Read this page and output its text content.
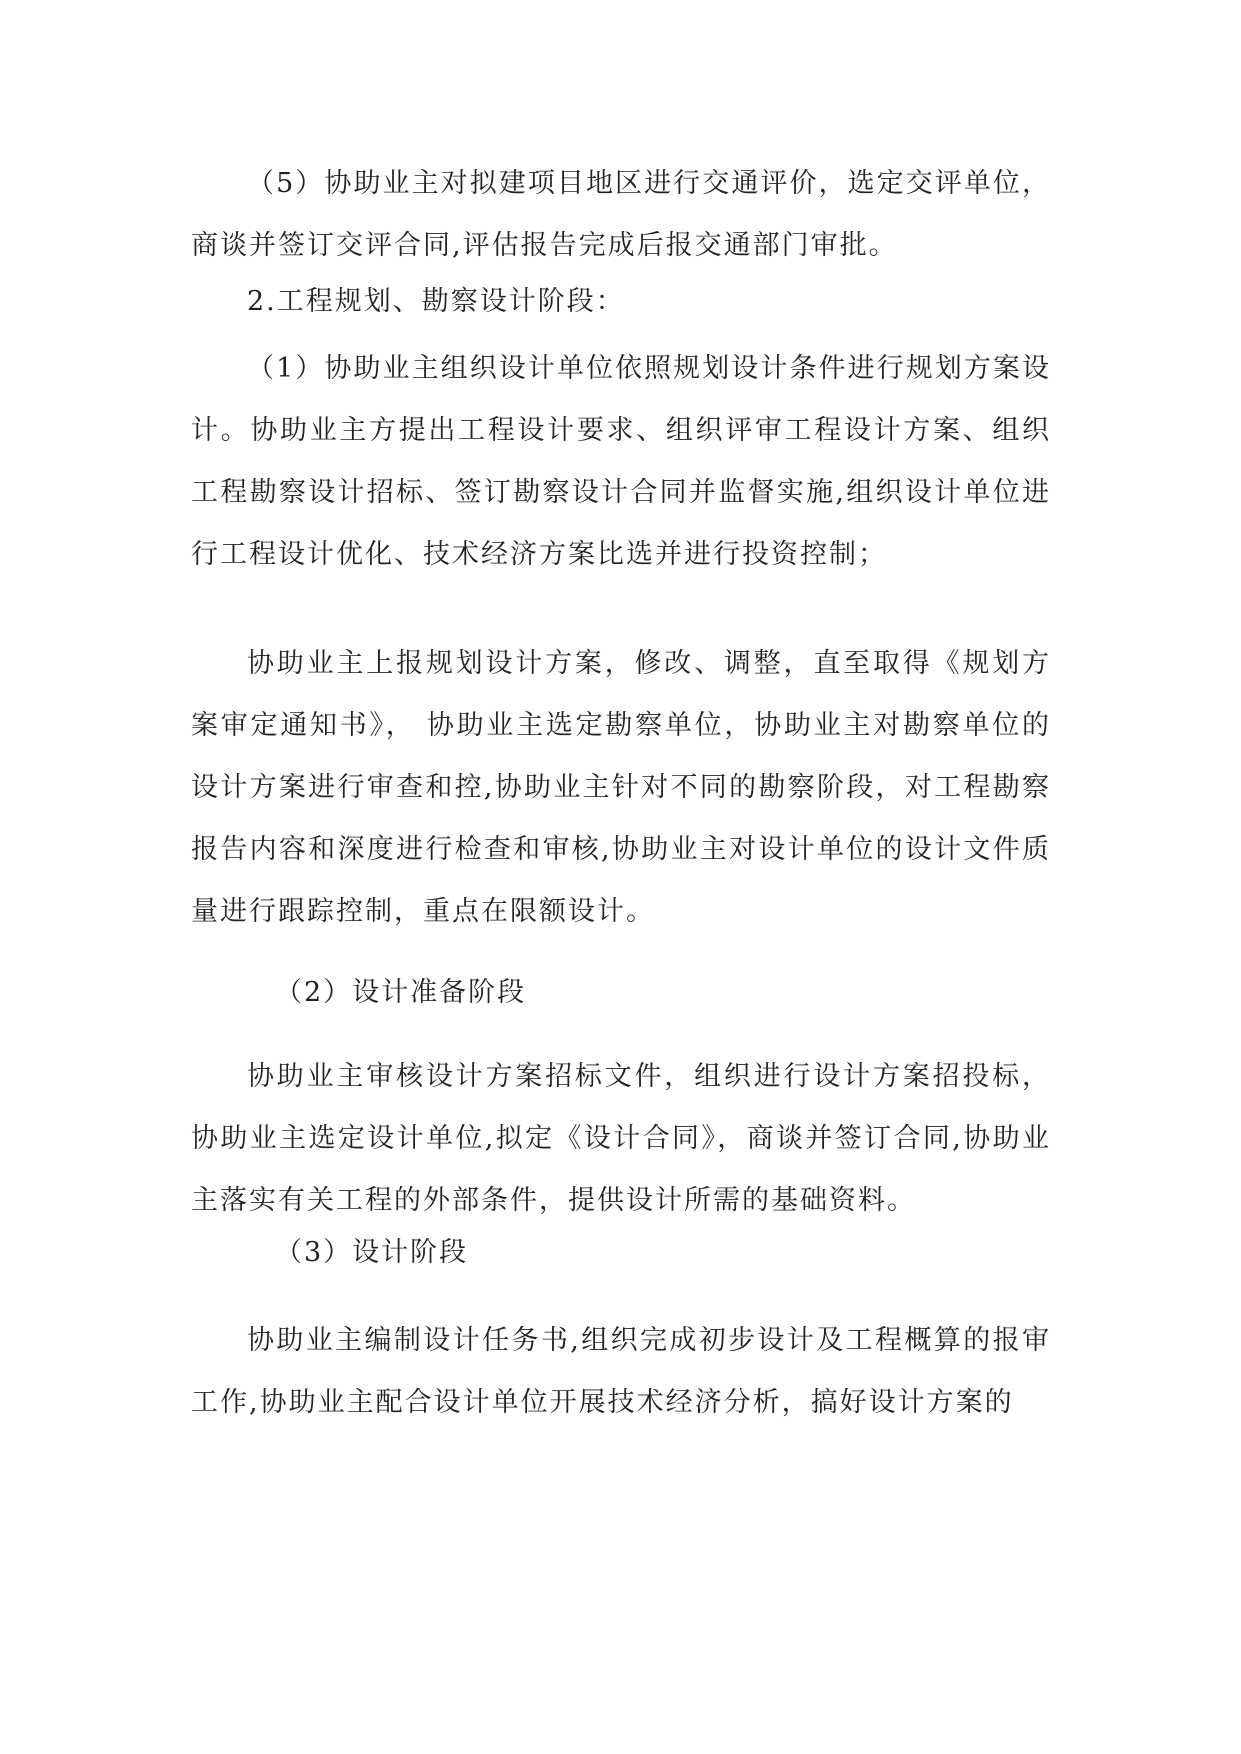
（5）协助业主对拟建项目地区进行交通评价，选定交评单位，商谈并签订交评合同,评估报告完成后报交通部门审批。

2.工程规划、勘察设计阶段：

（1）协助业主组织设计单位依照规划设计条件进行规划方案设计。协助业主方提出工程设计要求、组织评审工程设计方案、组织工程勘察设计招标、签订勘察设计合同并监督实施,组织设计单位进行工程设计优化、技术经济方案比选并进行投资控制；

协助业主上报规划设计方案，修改、调整，直至取得《规划方案审定通知书》， 协助业主选定勘察单位，协助业主对勘察单位的设计方案进行审查和控,协助业主针对不同的勘察阶段，对工程勘察报告内容和深度进行检查和审核,协助业主对设计单位的设计文件质量进行跟踪控制，重点在限额设计。

（2）设计准备阶段

协助业主审核设计方案招标文件，组织进行设计方案招投标，协助业主选定设计单位,拟定《设计合同》，商谈并签订合同,协助业主落实有关工程的外部条件，提供设计所需的基础资料。

（3）设计阶段

协助业主编制设计任务书,组织完成初步设计及工程概算的报审工作,协助业主配合设计单位开展技术经济分析，搞好设计方案的
